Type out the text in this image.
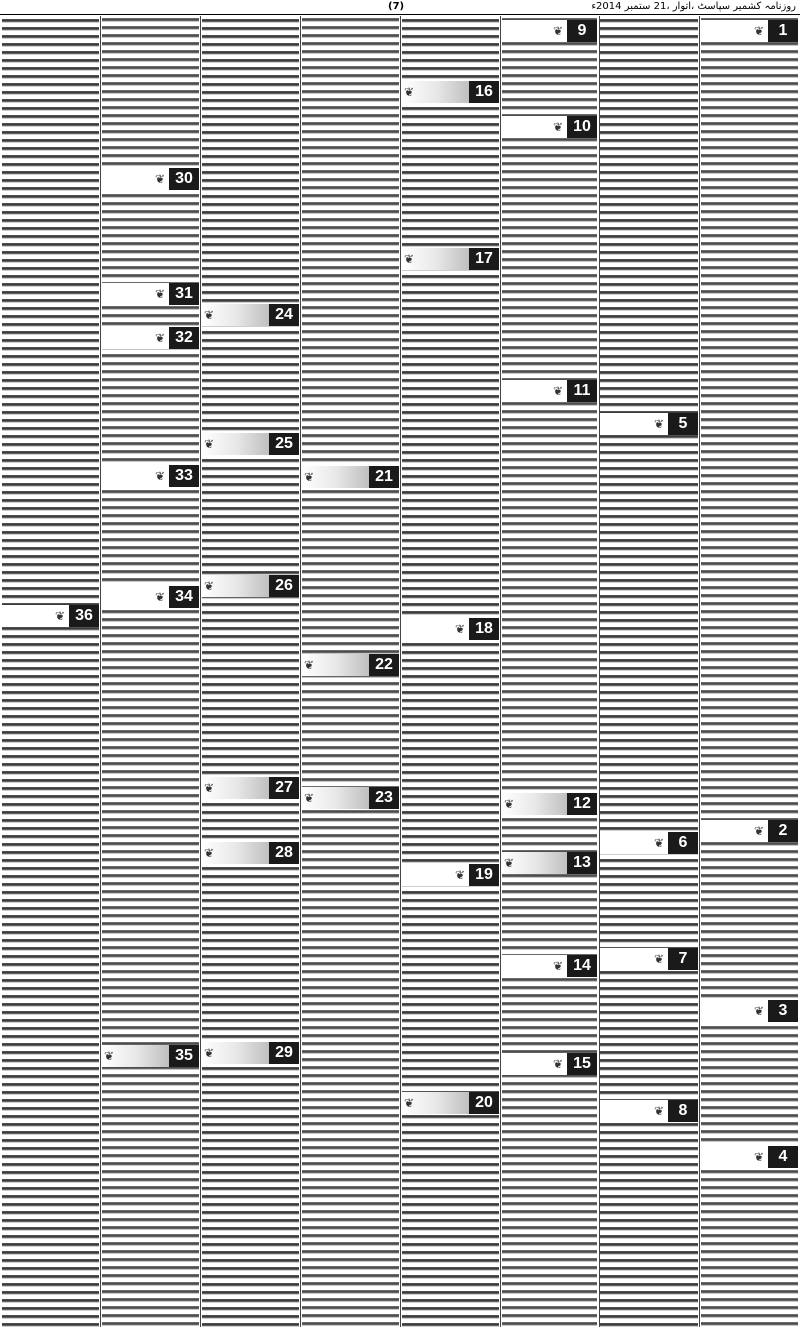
روزنامہ کشمیر سپاسٹ ،اتوار ،21 ستمبر 2014ء
(7)
❦ 1
❦ 2
❦ 3
❦ 4
❦ 5
❦ 6
❦ 7
❦ 8
❦ 9
❦ 10
❦ 11
❦	12
❦	13
❦ 14
❦ 15
❦	16
❦	17
❦ 18
❦ 19
❦	20
❦	21
❦	22
❦	23
❦	24
❦	25
❦	26
❦	27
❦	28
❦	29
❦ 30
❦ 31
❦ 32
❦ 33
❦ 34
❦	35
❦ 36
